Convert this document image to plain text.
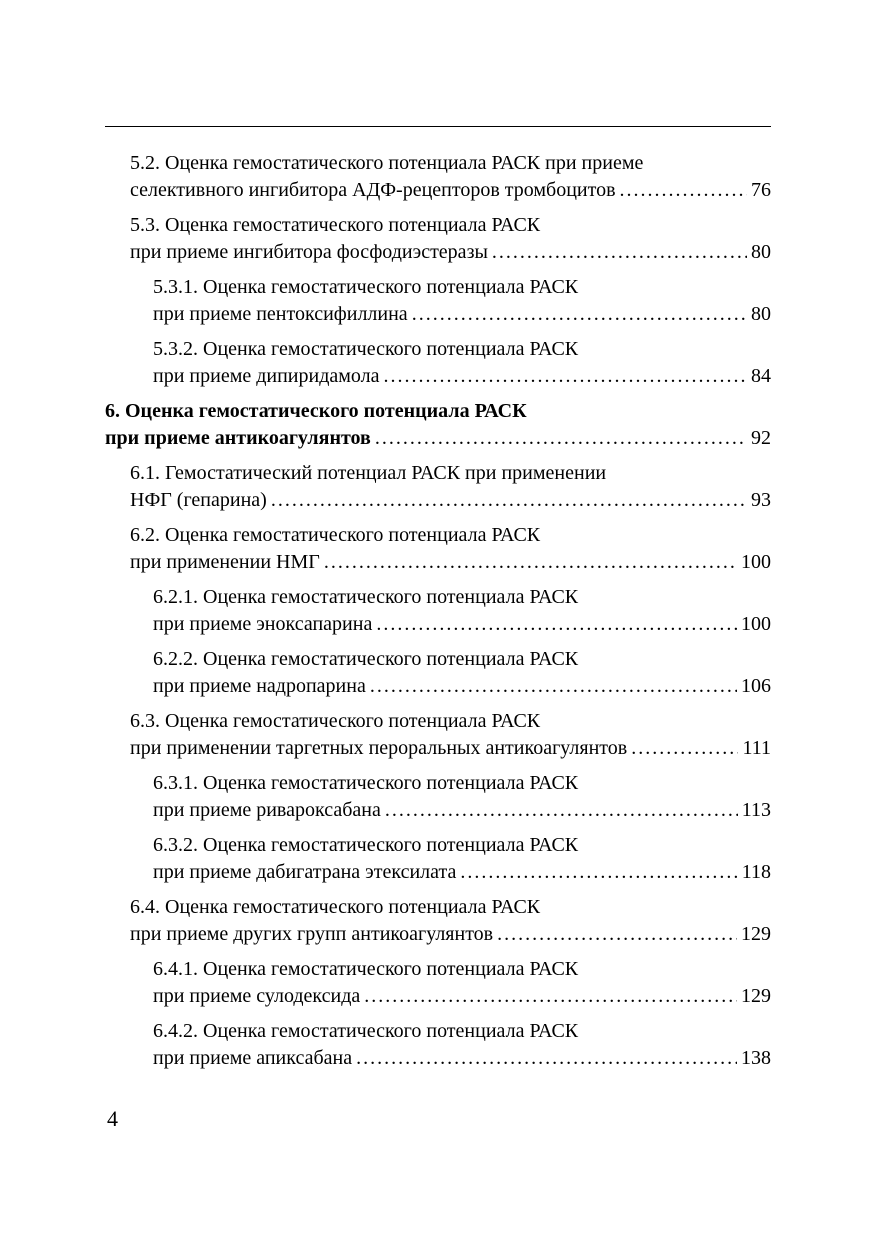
5.2. Оценка гемостатического потенциала РАСК при приеме
селективного ингибитора АДФ-рецепторов тромбоцитов . . .	76
5.3. Оценка гемостатического потенциала РАСК
при приеме ингибитора фосфодиэстеразы . . .	80
5.3.1. Оценка гемостатического потенциала РАСК
при приеме пентоксифиллина . . .	80
5.3.2. Оценка гемостатического потенциала РАСК
при приеме дипиридамола . . .	84
6. Оценка гемостатического потенциала РАСК
при приеме антикоагулянтов . . .	92
6.1. Гемостатический потенциал РАСК при применении
НФГ (гепарина) . . .	93
6.2. Оценка гемостатического потенциала РАСК
при применении НМГ . . .	100
6.2.1. Оценка гемостатического потенциала РАСК
при приеме эноксапарина . . .	100
6.2.2. Оценка гемостатического потенциала РАСК
при приеме надропарина . . .	106
6.3. Оценка гемостатического потенциала РАСК
при применении таргетных пероральных антикоагулянтов . . .	111
6.3.1. Оценка гемостатического потенциала РАСК
при приеме ривароксабана . . .	113
6.3.2. Оценка гемостатического потенциала РАСК
при приеме дабигатрана этексилата . . .	118
6.4. Оценка гемостатического потенциала РАСК
при приеме других групп антикоагулянтов . . .	129
6.4.1. Оценка гемостатического потенциала РАСК
при приеме сулодексида . . .	129
6.4.2. Оценка гемостатического потенциала РАСК
при приеме апиксабана . . .	138
4
